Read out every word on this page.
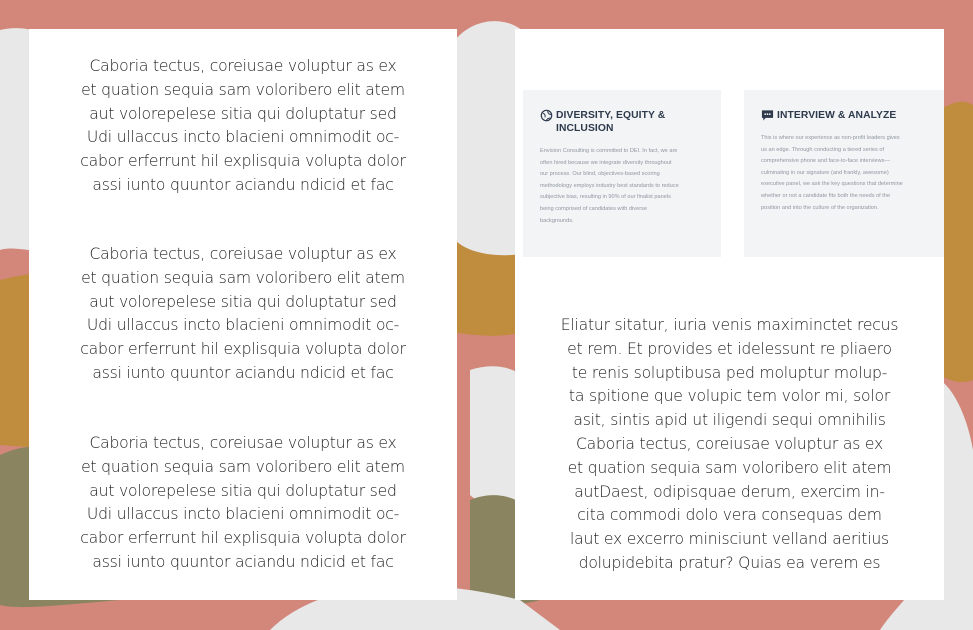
Caboria tectus, coreiusae voluptur as ex
et quation sequia sam voloribero elit atem
aut volorepelese sitia qui doluptatur sed
Udi ullaccus incto blacieni omnimodit oc-
cabor erferrunt hil explisquia volupta dolor
assi iunto quuntor aciandu ndicid et fac
Caboria tectus, coreiusae voluptur as ex
et quation sequia sam voloribero elit atem
aut volorepelese sitia qui doluptatur sed
Udi ullaccus incto blacieni omnimodit oc-
cabor erferrunt hil explisquia volupta dolor
assi iunto quuntor aciandu ndicid et fac
Caboria tectus, coreiusae voluptur as ex
et quation sequia sam voloribero elit atem
aut volorepelese sitia qui doluptatur sed
Udi ullaccus incto blacieni omnimodit oc-
cabor erferrunt hil explisquia volupta dolor
assi iunto quuntor aciandu ndicid et fac
DIVERSITY, EQUITY &
INCLUSION
Envision Consulting is committed to DEI. In fact, we are
often hired because we integrate diversity throughout
our process. Our blind, objectives-based scoring
methodology employs industry best standards to reduce
subjective bias, resulting in 90% of our finalist panels
being comprised of candidates with diverse
backgrounds.
INTERVIEW & ANALYZE
This is where our experience as non-profit leaders gives
us an edge. Through conducting a tiered series of
comprehensive phone and face-to-face interviews—
culminating in our signature (and frankly, awesome)
executive panel, we ask the key questions that determine
whether or not a candidate fits both the needs of the
position and into the culture of the organization.
Eliatur sitatur, iuria venis maximinctet recus
et rem. Et provides et idelessunt re pliaero
te renis soluptibusa ped moluptur molup-
ta spitione que volupic tem volor mi, solor
asit, sintis apid ut iligendi sequi omnihilis
Caboria tectus, coreiusae voluptur as ex
et quation sequia sam voloribero elit atem
autDaest, odipisquae derum, exercim in-
cita commodi dolo vera consequas dem
laut ex excerro minisciunt velland aeritius
dolupidebita pratur? Quias ea verem es
